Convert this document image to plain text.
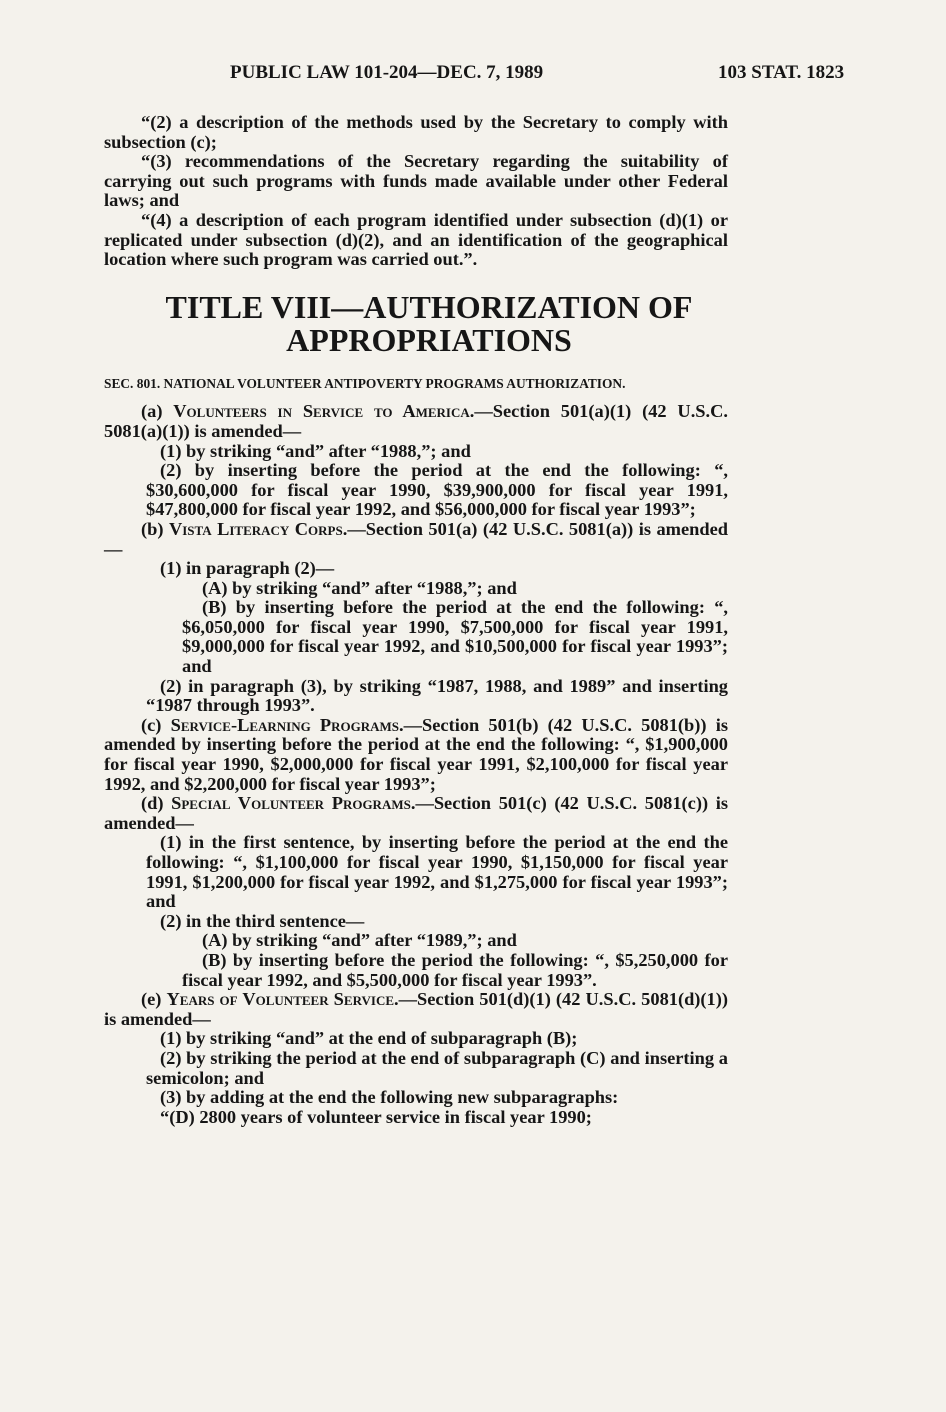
PUBLIC LAW 101-204—DEC. 7, 1989	103 STAT. 1823

“(2) a description of the methods used by the Secretary to comply with subsection (c);

“(3) recommendations of the Secretary regarding the suitability of carrying out such programs with funds made available under other Federal laws; and

“(4) a description of each program identified under subsection (d)(1) or replicated under subsection (d)(2), and an identification of the geographical location where such program was carried out.”.

TITLE VIII—AUTHORIZATION OF APPROPRIATIONS

SEC. 801. NATIONAL VOLUNTEER ANTIPOVERTY PROGRAMS AUTHORIZATION.

(a) Volunteers in Service to America.—Section 501(a)(1) (42 U.S.C. 5081(a)(1)) is amended—

(1) by striking “and” after “1988,”; and

(2) by inserting before the period at the end the following: “, $30,600,000 for fiscal year 1990, $39,900,000 for fiscal year 1991, $47,800,000 for fiscal year 1992, and $56,000,000 for fiscal year 1993”;

(b) Vista Literacy Corps.—Section 501(a) (42 U.S.C. 5081(a)) is amended—

(1) in paragraph (2)—

(A) by striking “and” after “1988,”; and

(B) by inserting before the period at the end the following: “, $6,050,000 for fiscal year 1990, $7,500,000 for fiscal year 1991, $9,000,000 for fiscal year 1992, and $10,500,000 for fiscal year 1993”; and

(2) in paragraph (3), by striking “1987, 1988, and 1989” and inserting “1987 through 1993”.

(c) Service-Learning Programs.—Section 501(b) (42 U.S.C. 5081(b)) is amended by inserting before the period at the end the following: “, $1,900,000 for fiscal year 1990, $2,000,000 for fiscal year 1991, $2,100,000 for fiscal year 1992, and $2,200,000 for fiscal year 1993”;

(d) Special Volunteer Programs.—Section 501(c) (42 U.S.C. 5081(c)) is amended—

(1) in the first sentence, by inserting before the period at the end the following: “, $1,100,000 for fiscal year 1990, $1,150,000 for fiscal year 1991, $1,200,000 for fiscal year 1992, and $1,275,000 for fiscal year 1993”; and

(2) in the third sentence—

(A) by striking “and” after “1989,”; and

(B) by inserting before the period the following: “, $5,250,000 for fiscal year 1992, and $5,500,000 for fiscal year 1993”.

(e) Years of Volunteer Service.—Section 501(d)(1) (42 U.S.C. 5081(d)(1)) is amended—

(1) by striking “and” at the end of subparagraph (B);

(2) by striking the period at the end of subparagraph (C) and inserting a semicolon; and

(3) by adding at the end the following new subparagraphs:

“(D) 2800 years of volunteer service in fiscal year 1990;
